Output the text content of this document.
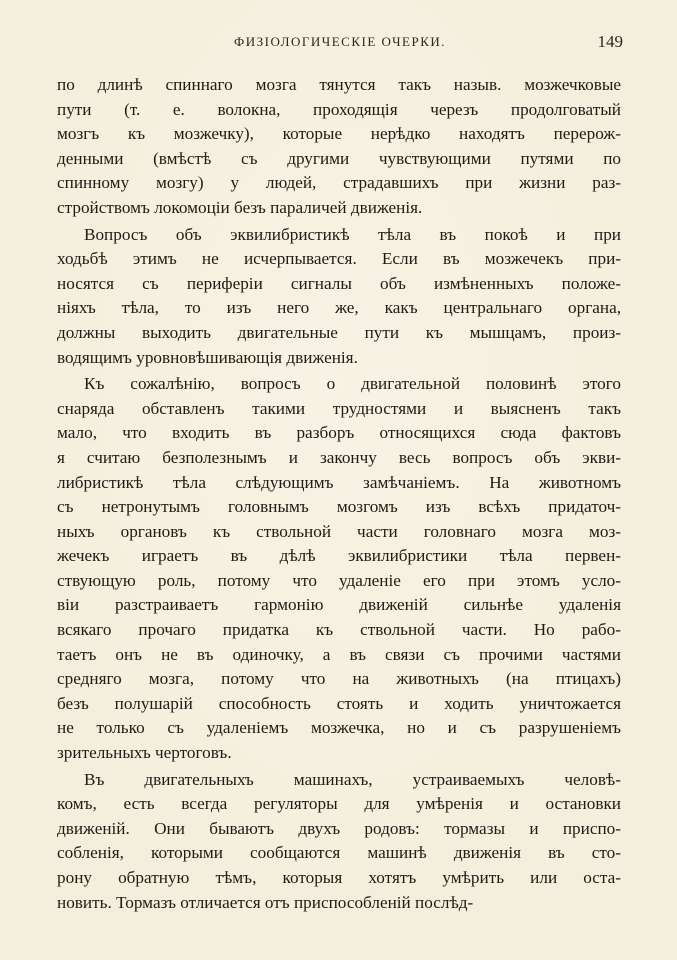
ФИЗІОЛОГИЧЕСКІЕ ОЧЕРКИ.	149
по длинѣ спиннаго мозга тянутся такъ назыв. мозжечковые
пути (т. е. волокна, проходящія черезъ продолговатый
мозгъ къ мозжечку), которые нерѣдко находятъ перерож-
денными (вмѣстѣ съ другими чувствующими путями по
спинному мозгу) у людей, страдавшихъ при жизни раз-
стройствомъ локомоціи безъ параличей движенія.
Вопросъ объ эквилибристикѣ тѣла въ покоѣ и при
ходьбѣ этимъ не исчерпывается. Если въ мозжечекъ при-
носятся съ периферіи сигналы объ измѣненныхъ положе-
ніяхъ тѣла, то изъ него же, какъ центральнаго органа,
должны выходить двигательные пути къ мышцамъ, произ-
водящимъ уровновѣшивающія движенія.
Къ сожалѣнію, вопросъ о двигательной половинѣ этого
снаряда обставленъ такими трудностями и выясненъ такъ
мало, что входить въ разборъ относящихся сюда фактовъ
я считаю безполезнымъ и закончу весь вопросъ объ экви-
либристикѣ тѣла слѣдующимъ замѣчаніемъ. На животномъ
съ нетронутымъ головнымъ мозгомъ изъ всѣхъ придаточ-
ныхъ органовъ къ ствольной части головнаго мозга моз-
жечекъ играетъ въ дѣлѣ эквилибристики тѣла первен-
ствующую роль, потому что удаленіе его при этомъ усло-
віи разстраиваетъ гармонію движеній сильнѣе удаленія
всякаго прочаго придатка къ ствольной части. Но рабо-
таетъ онъ не въ одиночку, а въ связи съ прочими частями
средняго мозга, потому что на животныхъ (на птицахъ)
безъ полушарій способность стоять и ходить уничтожается
не только съ удаленіемъ мозжечка, но и съ разрушеніемъ
зрительныхъ чертоговъ.
Въ двигательныхъ машинахъ, устраиваемыхъ человѣ-
комъ, есть всегда регуляторы для умѣренія и остановки
движеній. Они бываютъ двухъ родовъ: тормазы и приспо-
собленія, которыми сообщаются машинѣ движенія въ сто-
рону обратную тѣмъ, которыя хотятъ умѣрить или оста-
новить. Тормазъ отличается отъ приспособленій послѣд-
